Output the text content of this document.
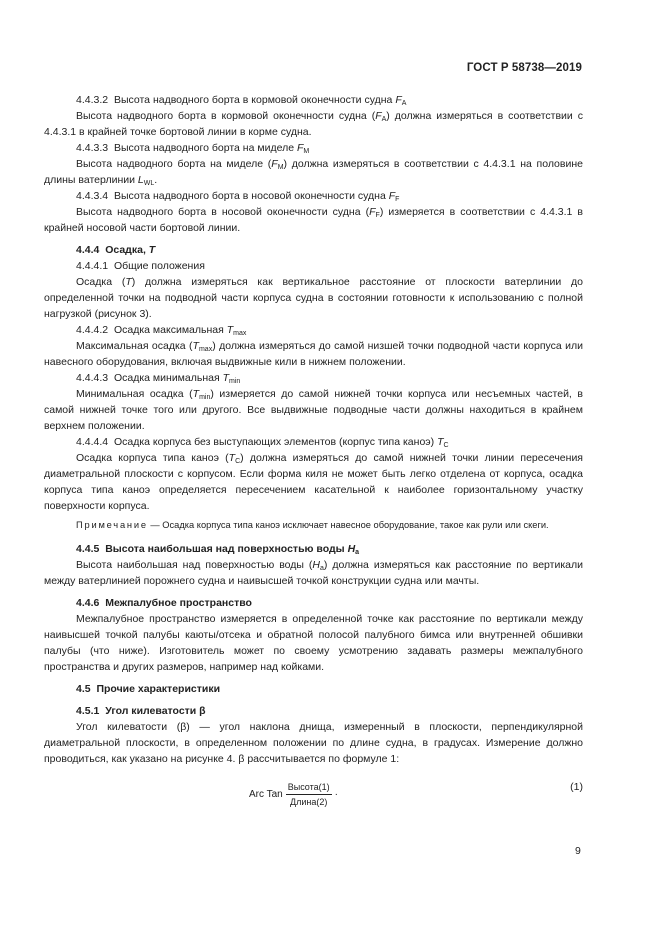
ГОСТ Р 58738—2019

4.4.3.2 Высота надводного борта в кормовой оконечности судна $F_A$

Высота надводного борта в кормовой оконечности судна $(F_A)$ должна измеряться в соответствии с 4.4.3.1 в крайней точке бортовой линии в корме судна.

4.4.3.3 Высота надводного борта на миделе $F_M$

Высота надводного борта на миделе $(F_M)$ должна измеряться в соответствии с 4.4.3.1 на половине длины ватерлинии $L_{WL}$.

4.4.3.4 Высота надводного борта в носовой оконечности судна $F_F$

Высота надводного борта в носовой оконечности судна $(F_F)$ измеряется в соответствии с 4.4.3.1 в крайней носовой части бортовой линии.

4.4.4 Осадка, T

4.4.4.1 Общие положения

Осадка (T) должна измеряться как вертикальное расстояние от плоскости ватерлинии до определенной точки на подводной части корпуса судна в состоянии готовности к использованию с полной нагрузкой (рисунок 3).

4.4.4.2 Осадка максимальная $T_{max}$

Максимальная осадка $(T_{max})$ должна измеряться до самой низшей точки подводной части корпуса или навесного оборудования, включая выдвижные кили в нижнем положении.

4.4.4.3 Осадка минимальная $T_{min}$

Минимальная осадка $(T_{min})$ измеряется до самой нижней точки корпуса или несъемных частей, в самой нижней точке того или другого. Все выдвижные подводные части должны находиться в крайнем верхнем положении.

4.4.4.4 Осадка корпуса без выступающих элементов (корпус типа каноэ) $T_C$

Осадка корпуса типа каноэ $(T_C)$ должна измеряться до самой нижней точки линии пересечения диаметральной плоскости с корпусом. Если форма киля не может быть легко отделена от корпуса, осадка корпуса типа каноэ определяется пересечением касательной к наиболее горизонтальному участку поверхности корпуса.

Примечание — Осадка корпуса типа каноэ исключает навесное оборудование, такое как рули или скеги.

4.4.5 Высота наибольшая над поверхностью воды $H_a$

Высота наибольшая над поверхностью воды $(H_a)$ должна измеряться как расстояние по вертикали между ватерлинией порожнего судна и наивысшей точкой конструкции судна или мачты.

4.4.6 Межпалубное пространство

Межпалубное пространство измеряется в определенной точке как расстояние по вертикали между наивысшей точкой палубы каюты/отсека и обратной полосой палубного бимса или внутренней обшивки палубы (что ниже). Изготовитель может по своему усмотрению задавать размеры межпалубного пространства и других размеров, например над койками.

4.5 Прочие характеристики

4.5.1 Угол килеватости β

Угол килеватости (β) — угол наклона днища, измеренный в плоскости, перпендикулярной диаметральной плоскости, в определенном положении по длине судна, в градусах. Измерение должно проводиться, как указано на рисунке 4. β рассчитывается по формуле 1:

Arc Tan $\frac{\text{Высота(1)}}{\text{Длина(2)}}$ ·
(1)
9
